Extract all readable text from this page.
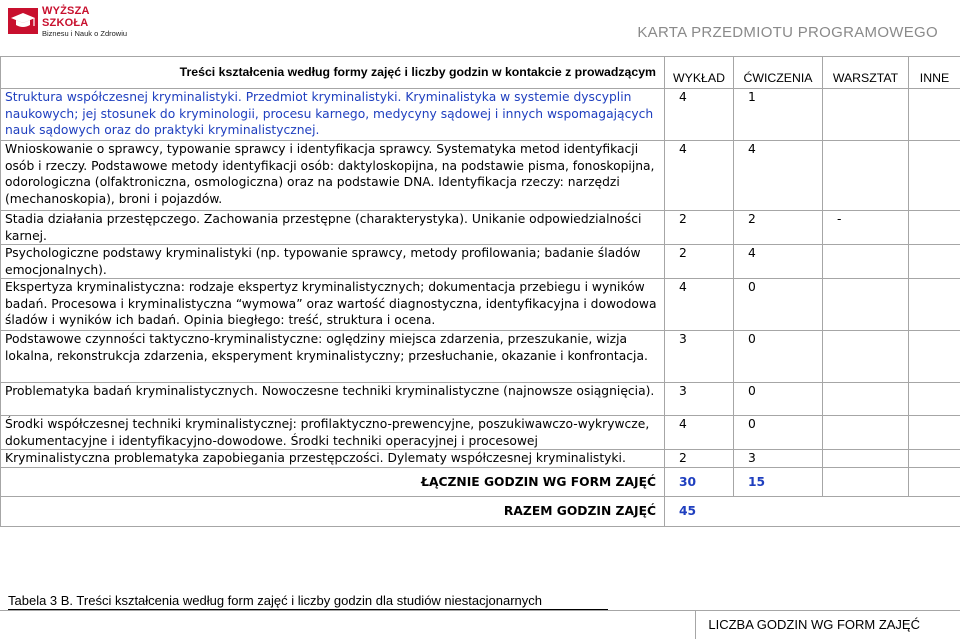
WYŻSZA SZKOŁA
Biznesu i Nauk o Zdrowiu	KARTA PRZEDMIOTU PROGRAMOWEGO
Treści kształcenia według formy zajęć i liczby godzin w kontakcie z prowadzącym	WYKŁAD	ĆWICZENIA	WARSZTAT	INNE
Struktura współczesnej kryminalistyki. Przedmiot kryminalistyki. Kryminalistyka w systemie dyscyplin naukowych; jej stosunek do kryminologii, procesu karnego, medycyny sądowej i innych wspomagających nauk sądowych oraz do praktyki kryminalistycznej.	4	1		
Wnioskowanie o sprawcy, typowanie sprawcy i identyfikacja sprawcy. Systematyka metod identyfikacji osób i rzeczy. Podstawowe metody identyfikacji osób: daktyloskopijna, na podstawie pisma, fonoskopijna, odorologiczna (olfaktroniczna, osmologiczna) oraz na podstawie DNA. Identyfikacja rzeczy: narzędzi (mechanoskopia), broni i pojazdów.	4	4		
Stadia działania przestępczego. Zachowania przestępne (charakterystyka). Unikanie odpowiedzialności karnej.	2	2	-	
Psychologiczne podstawy kryminalistyki (np. typowanie sprawcy, metody profilowania; badanie śladów emocjonalnych).	2	4		
Ekspertyza kryminalistyczna: rodzaje ekspertyz kryminalistycznych; dokumentacja przebiegu i wyników badań. Procesowa i kryminalistyczna “wymowa” oraz wartość diagnostyczna, identyfikacyjna i dowodowa śladów i wyników ich badań. Opinia biegłego: treść, struktura i ocena.	4	0		
Podstawowe czynności taktyczno-kryminalistyczne: oględziny miejsca zdarzenia, przeszukanie, wizja lokalna, rekonstrukcja zdarzenia, eksperyment kryminalistyczny; przesłuchanie, okazanie i konfrontacja.	3	0		
Problematyka badań kryminalistycznych. Nowoczesne techniki kryminalistyczne (najnowsze osiągnięcia).	3	0		
Środki współczesnej techniki kryminalistycznej: profilaktyczno-prewencyjne, poszukiwawczo-wykrywcze, dokumentacyjne i identyfikacyjno-dowodowe. Środki techniki operacyjnej i procesowej	4	0		
Kryminalistyczna problematyka zapobiegania przestępczości. Dylematy współczesnej kryminalistyki.	2	3		
ŁĄCZNIE GODZIN WG FORM ZAJĘĆ	30	15		
RAZEM GODZIN ZAJĘĆ	45			
Tabela 3 B. Treści kształcenia według form zajęć i liczby godzin dla studiów niestacjonarnych
LICZBA GODZIN WG FORM ZAJĘĆ
